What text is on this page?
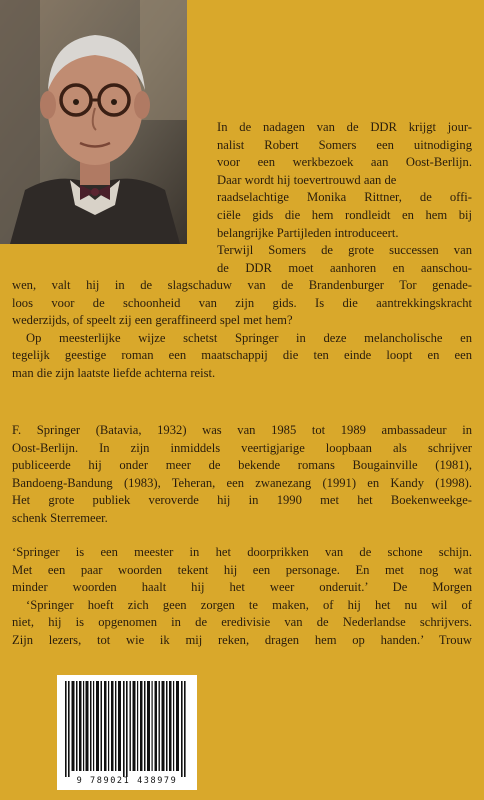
In de nadagen van de DDR krijgt jour-
nalist Robert Somers een uitnodiging
voor een werkbezoek aan Oost-Berlijn.
Daar wordt hij toevertrouwd aan de
raadselachtige Monika Rittner, de offi-
ciële gids die hem rondleidt en hem bij
belangrijke Partijleden introduceert.
Terwijl Somers de grote successen van
de DDR moet aanhoren en aanschou-
wen, valt hij in de slagschaduw van de Brandenburger Tor genade-
loos voor de schoonheid van zijn gids. Is die aantrekkingskracht
wederzijds, of speelt zij een geraffineerd spel met hem?
Op meesterlijke wijze schetst Springer in deze melancholische en
tegelijk geestige roman een maatschappij die ten einde loopt en een
man die zijn laatste liefde achterna reist.
F. Springer (Batavia, 1932) was van 1985 tot 1989 ambassadeur in
Oost-Berlijn. In zijn inmiddels veertigjarige loopbaan als schrijver
publiceerde hij onder meer de bekende romans Bougainville (1981),
Bandoeng-Bandung (1983), Teheran, een zwanezang (1991) en Kandy (1998).
Het grote publiek veroverde hij in 1990 met het Boekenweekge-
schenk Sterremeer.
‘Springer is een meester in het doorprikken van de schone schijn.
Met een paar woorden tekent hij een personage. En met nog wat
minder woorden haalt hij het weer onderuit.’ De Morgen
‘Springer hoeft zich geen zorgen te maken, of hij het nu wil of
niet, hij is opgenomen in de eredivisie van de Nederlandse schrijvers.
Zijn lezers, tot wie ik mij reken, dragen hem op handen.’ Trouw
9 789021 438979
